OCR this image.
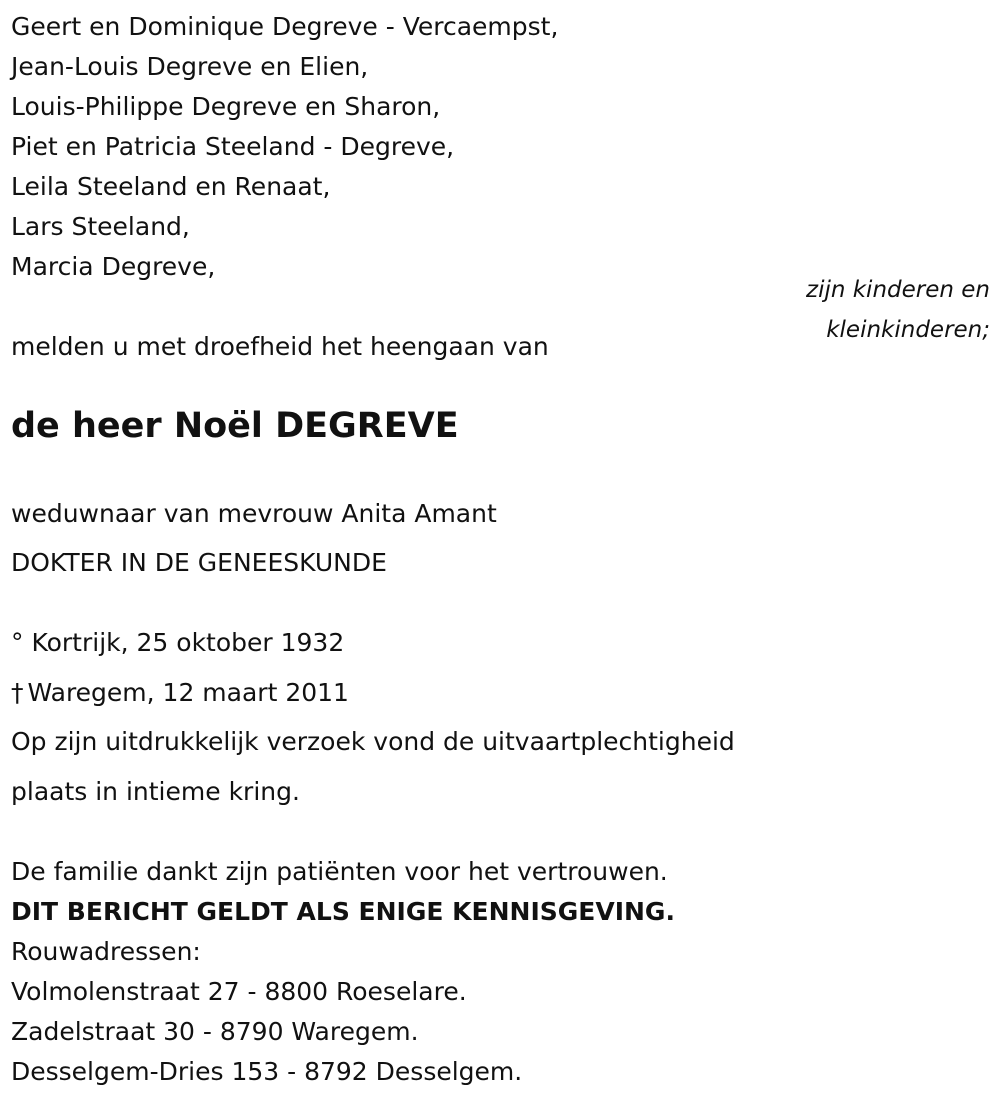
Geert en Dominique Degreve - Vercaempst,
Jean-Louis Degreve en Elien,
Louis-Philippe Degreve en Sharon,
Piet en Patricia Steeland - Degreve,
Leila Steeland en Renaat,
Lars Steeland,
Marcia Degreve,
zijn kinderen en
kleinkinderen;
melden u met droefheid het heengaan van
de heer Noël DEGREVE
weduwnaar van mevrouw Anita Amant
DOKTER IN DE GENEESKUNDE
° Kortrijk, 25 oktober 1932
† Waregem, 12 maart 2011
Op zijn uitdrukkelijk verzoek vond de uitvaartplechtigheid
plaats in intieme kring.
De familie dankt zijn patiënten voor het vertrouwen.
DIT BERICHT GELDT ALS ENIGE KENNISGEVING.
Rouwadressen:
Volmolenstraat 27 - 8800 Roeselare.
Zadelstraat 30 - 8790 Waregem.
Desselgem-Dries 153 - 8792 Desselgem.
